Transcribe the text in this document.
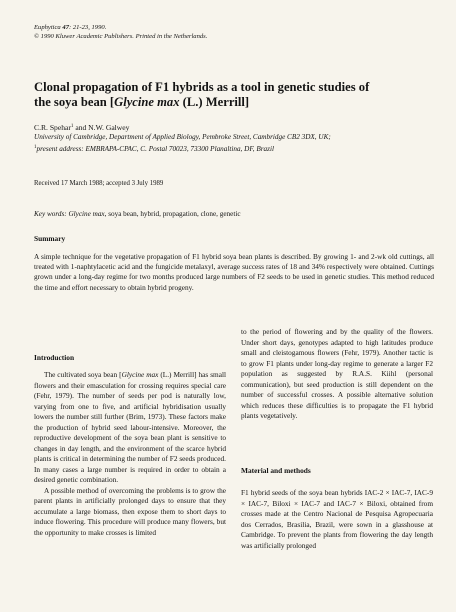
Euphytica 47: 21-23, 1990.
© 1990 Kluwer Academic Publishers. Printed in the Netherlands.
Clonal propagation of F1 hybrids as a tool in genetic studies of
the soya bean [Glycine max (L.) Merrill]
C.R. Spehar$^1$ and N.W. Galwey
University of Cambridge, Department of Applied Biology, Pembroke Street, Cambridge CB2 3DX, UK;
$^1$present address: EMBRAPA-CPAC, C. Postal 70023, 73300 Planaltina, DF, Brazil
Received 17 March 1988; accepted 3 July 1989
Key words: Glycine max, soya bean, hybrid, propagation, clone, genetic
Summary
A simple technique for the vegetative propagation of F1 hybrid soya bean plants is described. By growing 1- and 2-wk old cuttings, all treated with 1-naphtylacetic acid and the fungicide metalaxyl, average success rates of 18 and 34% respectively were obtained. Cuttings grown under a long-day regime for two months produced large numbers of F2 seeds to be used in genetic studies. This method reduced the time and effort necessary to obtain hybrid progeny.
Introduction

The cultivated soya bean [Glycine max (L.) Merrill] has small flowers and their emasculation for crossing requires special care (Fehr, 1979). The number of seeds per pod is naturally low, varying from one to five, and artificial hybridisation usually lowers the number still further (Brim, 1973). These factors make the production of hybrid seed labour-intensive. Moreover, the reproductive development of the soya bean plant is sensitive to changes in day length, and the environment of the scarce hybrid plants is critical in determining the number of F2 seeds produced. In many cases a large number is required in order to obtain a desired genetic combination.

A possible method of overcoming the problems is to grow the parent plants in artificially prolonged days to ensure that they accumulate a large biomass, then expose them to short days to induce flowering. This procedure will produce many flowers, but the opportunity to make crosses is limited

to the period of flowering and by the quality of the flowers. Under short days, genotypes adapted to high latitudes produce small and cleistogamous flowers (Fehr, 1979). Another tactic is to grow F1 plants under long-day regime to generate a larger F2 population as suggested by R.A.S. Kiihl (personal communication), but seed production is still dependent on the number of successful crosses. A possible alternative solution which reduces these difficulties is to propagate the F1 hybrid plants vegetatively.

Material and methods

F1 hybrid seeds of the soya bean hybrids IAC-2 × IAC-7, IAC-9 × IAC-7, Biloxi × IAC-7 and IAC-7 × Biloxi, obtained from crosses made at the Centro Nacional de Pesquisa Agropecuaria dos Cerrados, Brasilia, Brazil, were sown in a glasshouse at Cambridge. To prevent the plants from flowering the day length was artificially prolonged
